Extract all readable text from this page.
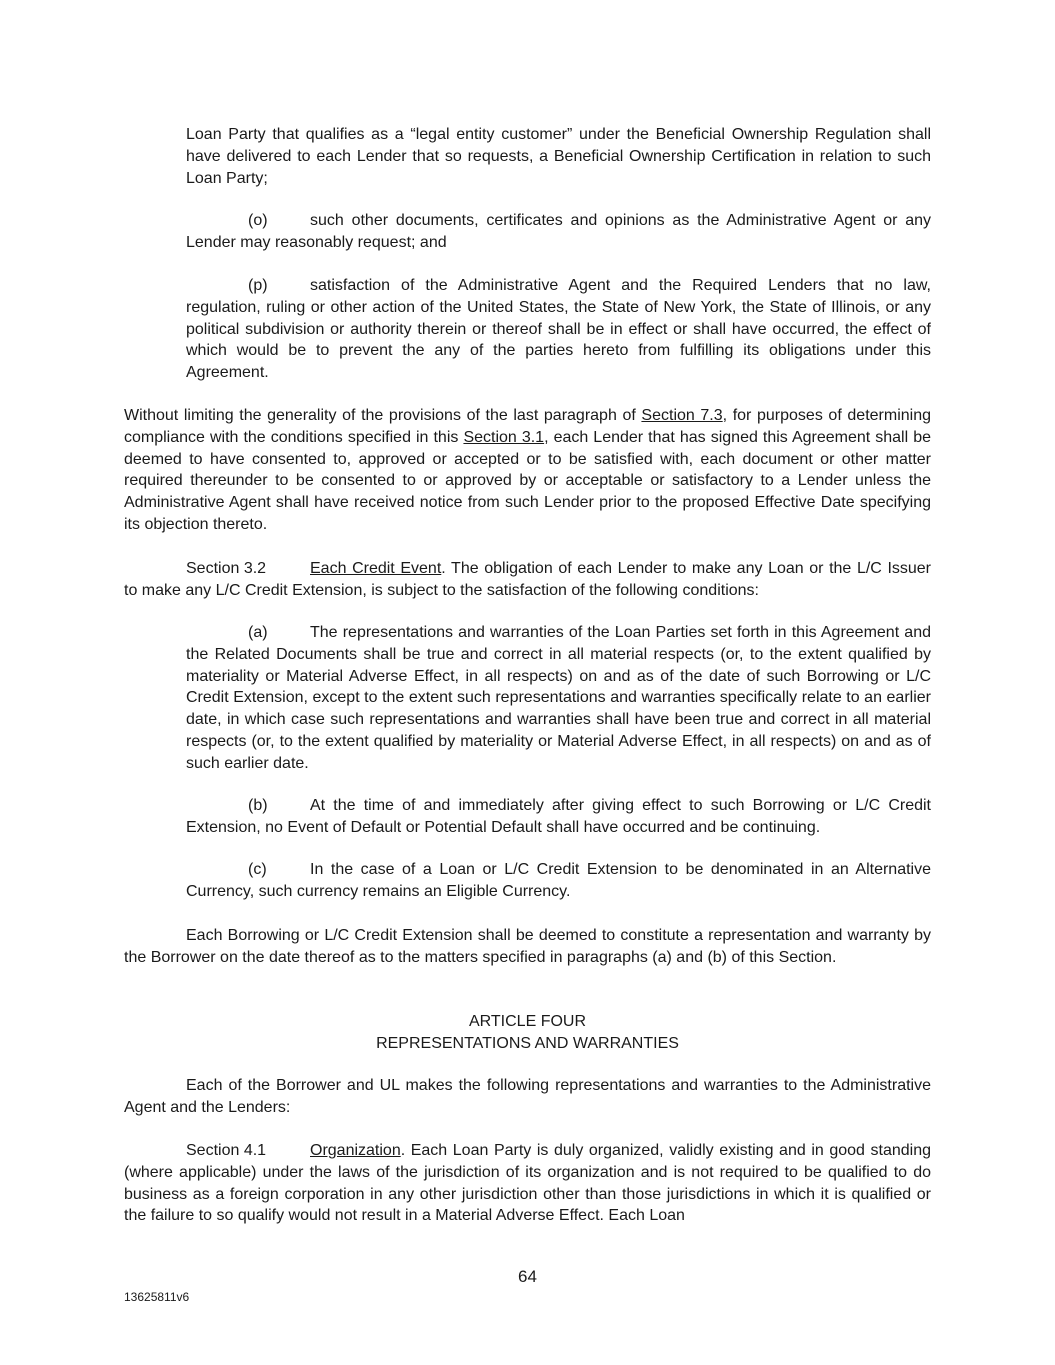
Loan Party that qualifies as a “legal entity customer” under the Beneficial Ownership Regulation shall have delivered to each Lender that so requests, a Beneficial Ownership Certification in relation to such Loan Party;

(o)	such other documents, certificates and opinions as the Administrative Agent or any Lender may reasonably request; and

(p)	satisfaction of the Administrative Agent and the Required Lenders that no law, regulation, ruling or other action of the United States, the State of New York, the State of Illinois, or any political subdivision or authority therein or thereof shall be in effect or shall have occurred, the effect of which would be to prevent the any of the parties hereto from fulfilling its obligations under this Agreement.

Without limiting the generality of the provisions of the last paragraph of Section 7.3, for purposes of determining compliance with the conditions specified in this Section 3.1, each Lender that has signed this Agreement shall be deemed to have consented to, approved or accepted or to be satisfied with, each document or other matter required thereunder to be consented to or approved by or acceptable or satisfactory to a Lender unless the Administrative Agent shall have received notice from such Lender prior to the proposed Effective Date specifying its objection thereto.

Section 3.2	Each Credit Event. The obligation of each Lender to make any Loan or the L/C Issuer to make any L/C Credit Extension, is subject to the satisfaction of the following conditions:

(a)	The representations and warranties of the Loan Parties set forth in this Agreement and the Related Documents shall be true and correct in all material respects (or, to the extent qualified by materiality or Material Adverse Effect, in all respects) on and as of the date of such Borrowing or L/C Credit Extension, except to the extent such representations and warranties specifically relate to an earlier date, in which case such representations and warranties shall have been true and correct in all material respects (or, to the extent qualified by materiality or Material Adverse Effect, in all respects) on and as of such earlier date.

(b)	At the time of and immediately after giving effect to such Borrowing or L/C Credit Extension, no Event of Default or Potential Default shall have occurred and be continuing.

(c)	In the case of a Loan or L/C Credit Extension to be denominated in an Alternative Currency, such currency remains an Eligible Currency.

Each Borrowing or L/C Credit Extension shall be deemed to constitute a representation and warranty by the Borrower on the date thereof as to the matters specified in paragraphs (a) and (b) of this Section.

ARTICLE FOUR

REPRESENTATIONS AND WARRANTIES

Each of the Borrower and UL makes the following representations and warranties to the Administrative Agent and the Lenders:

Section 4.1	Organization. Each Loan Party is duly organized, validly existing and in good standing (where applicable) under the laws of the jurisdiction of its organization and is not required to be qualified to do business as a foreign corporation in any other jurisdiction other than those jurisdictions in which it is qualified or the failure to so qualify would not result in a Material Adverse Effect. Each Loan

64
13625811v6
